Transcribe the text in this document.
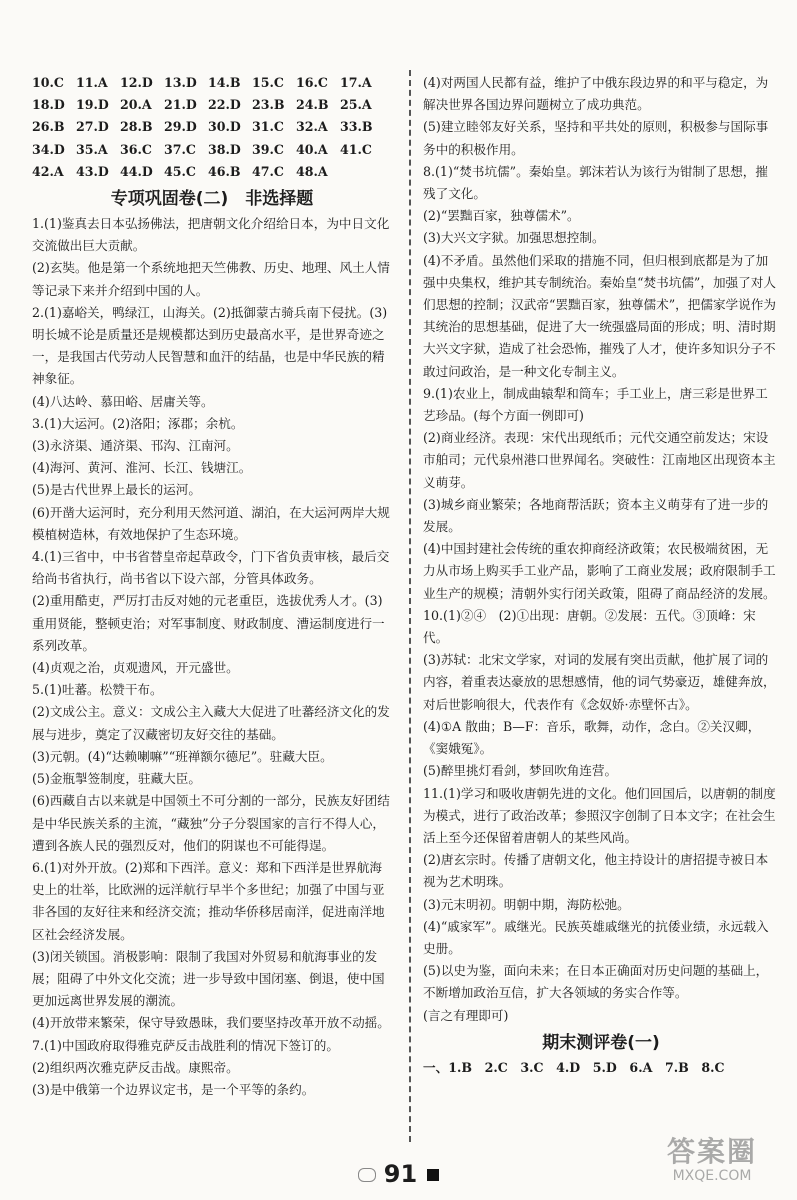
10.C 11.A 12.D 13.D 14.B 15.C 16.C 17.A
18.D 19.D 20.A 21.D 22.D 23.B 24.B 25.A
26.B 27.D 28.B 29.D 30.D 31.C 32.A 33.B
34.D 35.A 36.C 37.C 38.D 39.C 40.A 41.C
42.A 43.D 44.D 45.C 46.B 47.C 48.A
专项巩固卷(二)　非选择题
1.(1)鉴真去日本弘扬佛法，把唐朝文化介绍给日本，为中日文化交流做出巨大贡献。
(2)玄奘。他是第一个系统地把天竺佛教、历史、地理、风土人情等记录下来并介绍到中国的人。
2.(1)嘉峪关，鸭绿江，山海关。(2)抵御蒙古骑兵南下侵扰。(3)明长城不论是质量还是规模都达到历史最高水平，是世界奇迹之一，是我国古代劳动人民智慧和血汗的结晶，也是中华民族的精神象征。
(4)八达岭、慕田峪、居庸关等。
3.(1)大运河。(2)洛阳；涿郡；余杭。
(3)永济渠、通济渠、邗沟、江南河。
(4)海河、黄河、淮河、长江、钱塘江。
(5)是古代世界上最长的运河。
(6)开凿大运河时，充分利用天然河道、湖泊，在大运河两岸大规模植树造林，有效地保护了生态环境。
4.(1)三省中，中书省替皇帝起草政令，门下省负责审核，最后交给尚书省执行，尚书省以下设六部，分管具体政务。
(2)重用酷吏，严厉打击反对她的元老重臣，选拔优秀人才。(3)重用贤能，整顿吏治；对军事制度、财政制度、漕运制度进行一系列改革。
(4)贞观之治，贞观遗风，开元盛世。
5.(1)吐蕃。松赞干布。
(2)文成公主。意义：文成公主入藏大大促进了吐蕃经济文化的发展与进步，奠定了汉藏密切友好交往的基础。
(3)元朝。(4)“达赖喇嘛”“班禅额尔德尼”。驻藏大臣。
(5)金瓶掣签制度，驻藏大臣。
(6)西藏自古以来就是中国领土不可分割的一部分，民族友好团结是中华民族关系的主流，“藏独”分子分裂国家的言行不得人心，遭到各族人民的强烈反对，他们的阴谋也不可能得逞。
6.(1)对外开放。(2)郑和下西洋。意义：郑和下西洋是世界航海史上的壮举，比欧洲的远洋航行早半个多世纪；加强了中国与亚非各国的友好往来和经济交流；推动华侨移居南洋，促进南洋地区社会经济发展。
(3)闭关锁国。消极影响：限制了我国对外贸易和航海事业的发展；阻碍了中外文化交流；进一步导致中国闭塞、倒退，使中国更加远离世界发展的潮流。
(4)开放带来繁荣，保守导致愚昧，我们要坚持改革开放不动摇。
7.(1)中国政府取得雅克萨反击战胜利的情况下签订的。
(2)组织两次雅克萨反击战。康熙帝。
(3)是中俄第一个边界议定书，是一个平等的条约。
(4)对两国人民都有益，维护了中俄东段边界的和平与稳定，为解决世界各国边界问题树立了成功典范。
(5)建立睦邻友好关系，坚持和平共处的原则，积极参与国际事务中的积极作用。
8.(1)“焚书坑儒”。秦始皇。郭沫若认为该行为钳制了思想，摧残了文化。
(2)“罢黜百家，独尊儒术”。
(3)大兴文字狱。加强思想控制。
(4)不矛盾。虽然他们采取的措施不同，但归根到底都是为了加强中央集权，维护其专制统治。秦始皇“焚书坑儒”，加强了对人们思想的控制；汉武帝“罢黜百家，独尊儒术”，把儒家学说作为其统治的思想基础，促进了大一统强盛局面的形成；明、清时期大兴文字狱，造成了社会恐怖，摧残了人才，使许多知识分子不敢过问政治，是一种文化专制主义。
9.(1)农业上，制成曲辕犁和筒车；手工业上，唐三彩是世界工艺珍品。(每个方面一例即可)
(2)商业经济。表现：宋代出现纸币；元代交通空前发达；宋设市舶司；元代泉州港口世界闻名。突破性：江南地区出现资本主义萌芽。
(3)城乡商业繁荣；各地商帮活跃；资本主义萌芽有了进一步的发展。
(4)中国封建社会传统的重农抑商经济政策；农民极端贫困，无力从市场上购买手工业产品，影响了工商业发展；政府限制手工业生产的规模；清朝外实行闭关政策，阻碍了商品经济的发展。
10.(1)②④　(2)①出现：唐朝。②发展：五代。③顶峰：宋代。
(3)苏轼：北宋文学家，对词的发展有突出贡献，他扩展了词的内容，着重表达豪放的思想感情，他的词气势豪迈，雄健奔放，对后世影响很大，代表作有《念奴娇·赤壁怀古》。
(4)①A 散曲；B—F：音乐，歌舞，动作，念白。②关汉卿，《窦娥冤》。
(5)醉里挑灯看剑，梦回吹角连营。
11.(1)学习和吸收唐朝先进的文化。他们回国后，以唐朝的制度为模式，进行了政治改革；参照汉字创制了日本文字；在社会生活上至今还保留着唐朝人的某些风尚。
(2)唐玄宗时。传播了唐朝文化，他主持设计的唐招提寺被日本视为艺术明珠。
(3)元末明初。明朝中期，海防松弛。
(4)“戚家军”。戚继光。民族英雄戚继光的抗倭业绩，永远载入史册。
(5)以史为鉴，面向未来；在日本正确面对历史问题的基础上，不断增加政治互信，扩大各领域的务实合作等。
(言之有理即可)
期末测评卷(一)
一、1.B　2.C　3.C　4.D　5.D　6.A　7.B　8.C
91
答案圈
MXQE.COM
